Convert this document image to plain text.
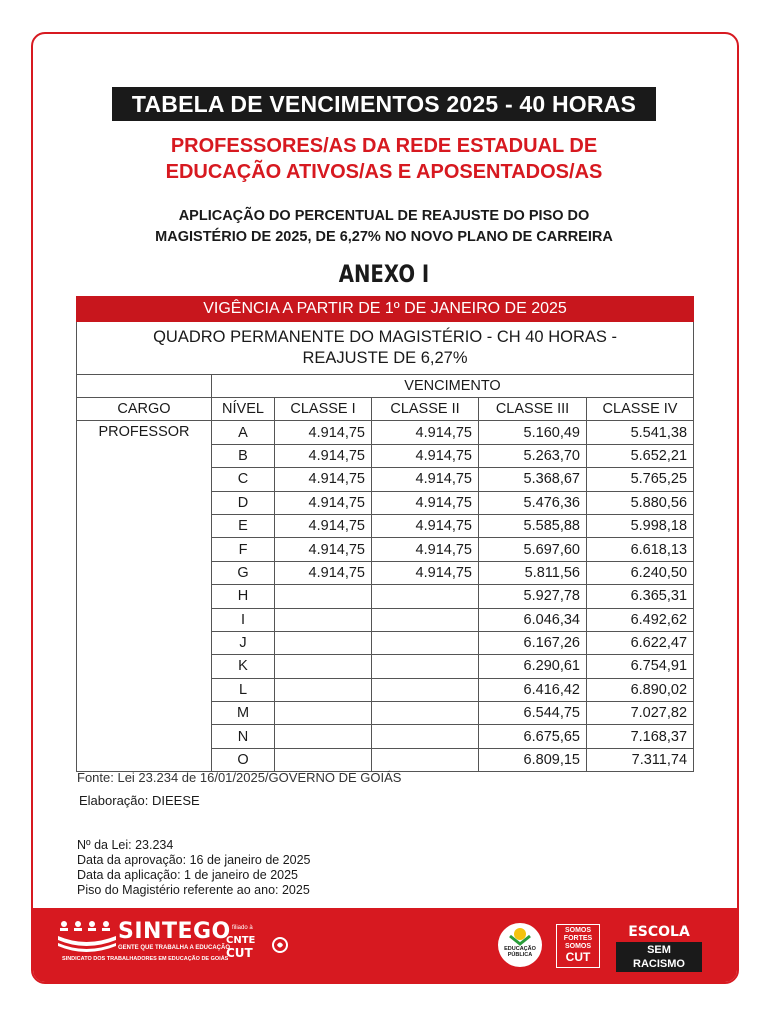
TABELA DE VENCIMENTOS 2025 - 40 HORAS
PROFESSORES/AS DA REDE ESTADUAL DE
EDUCAÇÃO ATIVOS/AS E APOSENTADOS/AS
APLICAÇÃO DO PERCENTUAL DE REAJUSTE DO PISO DO
MAGISTÉRIO DE 2025, DE 6,27% NO NOVO PLANO DE CARREIRA
ANEXO I
VIGÊNCIA A PARTIR DE 1º DE JANEIRO DE 2025					

QUADRO PERMANENTE DO MAGISTÉRIO - CH 40 HORAS -
REAJUSTE DE 6,27%					

	VENCIMENTO				
CARGO	NÍVEL	CLASSE I	CLASSE II	CLASSE III	CLASSE IV
PROFESSOR	A	4.914,75	4.914,75	5.160,49	5.541,38
	B	4.914,75	4.914,75	5.263,70	5.652,21
	C	4.914,75	4.914,75	5.368,67	5.765,25
	D	4.914,75	4.914,75	5.476,36	5.880,56
	E	4.914,75	4.914,75	5.585,88	5.998,18
	F	4.914,75	4.914,75	5.697,60	6.618,13
	G	4.914,75	4.914,75	5.811,56	6.240,50
	H			5.927,78	6.365,31
	I			6.046,34	6.492,62
	J			6.167,26	6.622,47
	K			6.290,61	6.754,91
	L			6.416,42	6.890,02
	M			6.544,75	7.027,82
	N			6.675,65	7.168,37
	O			6.809,15	7.311,74
Fonte: Lei 23.234 de 16/01/2025/GOVERNO DE GOIÁS
Elaboração: DIEESE
Nº da Lei: 23.234
Data da aprovação: 16 de janeiro de 2025
Data da aplicação: 1 de janeiro de 2025
Piso do Magistério referente ao ano: 2025
SINTEGO
GENTE QUE TRABALHA A EDUCAÇÃO
SINDICATO DOS TRABALHADORES EM EDUCAÇÃO DE GOIÁS
filiado à
CNTE
CUT	EDUCAÇÃO PÚBLICA
SOMOS FORTES SOMOS
CUT
ESCOLA
SEM RACISMO
